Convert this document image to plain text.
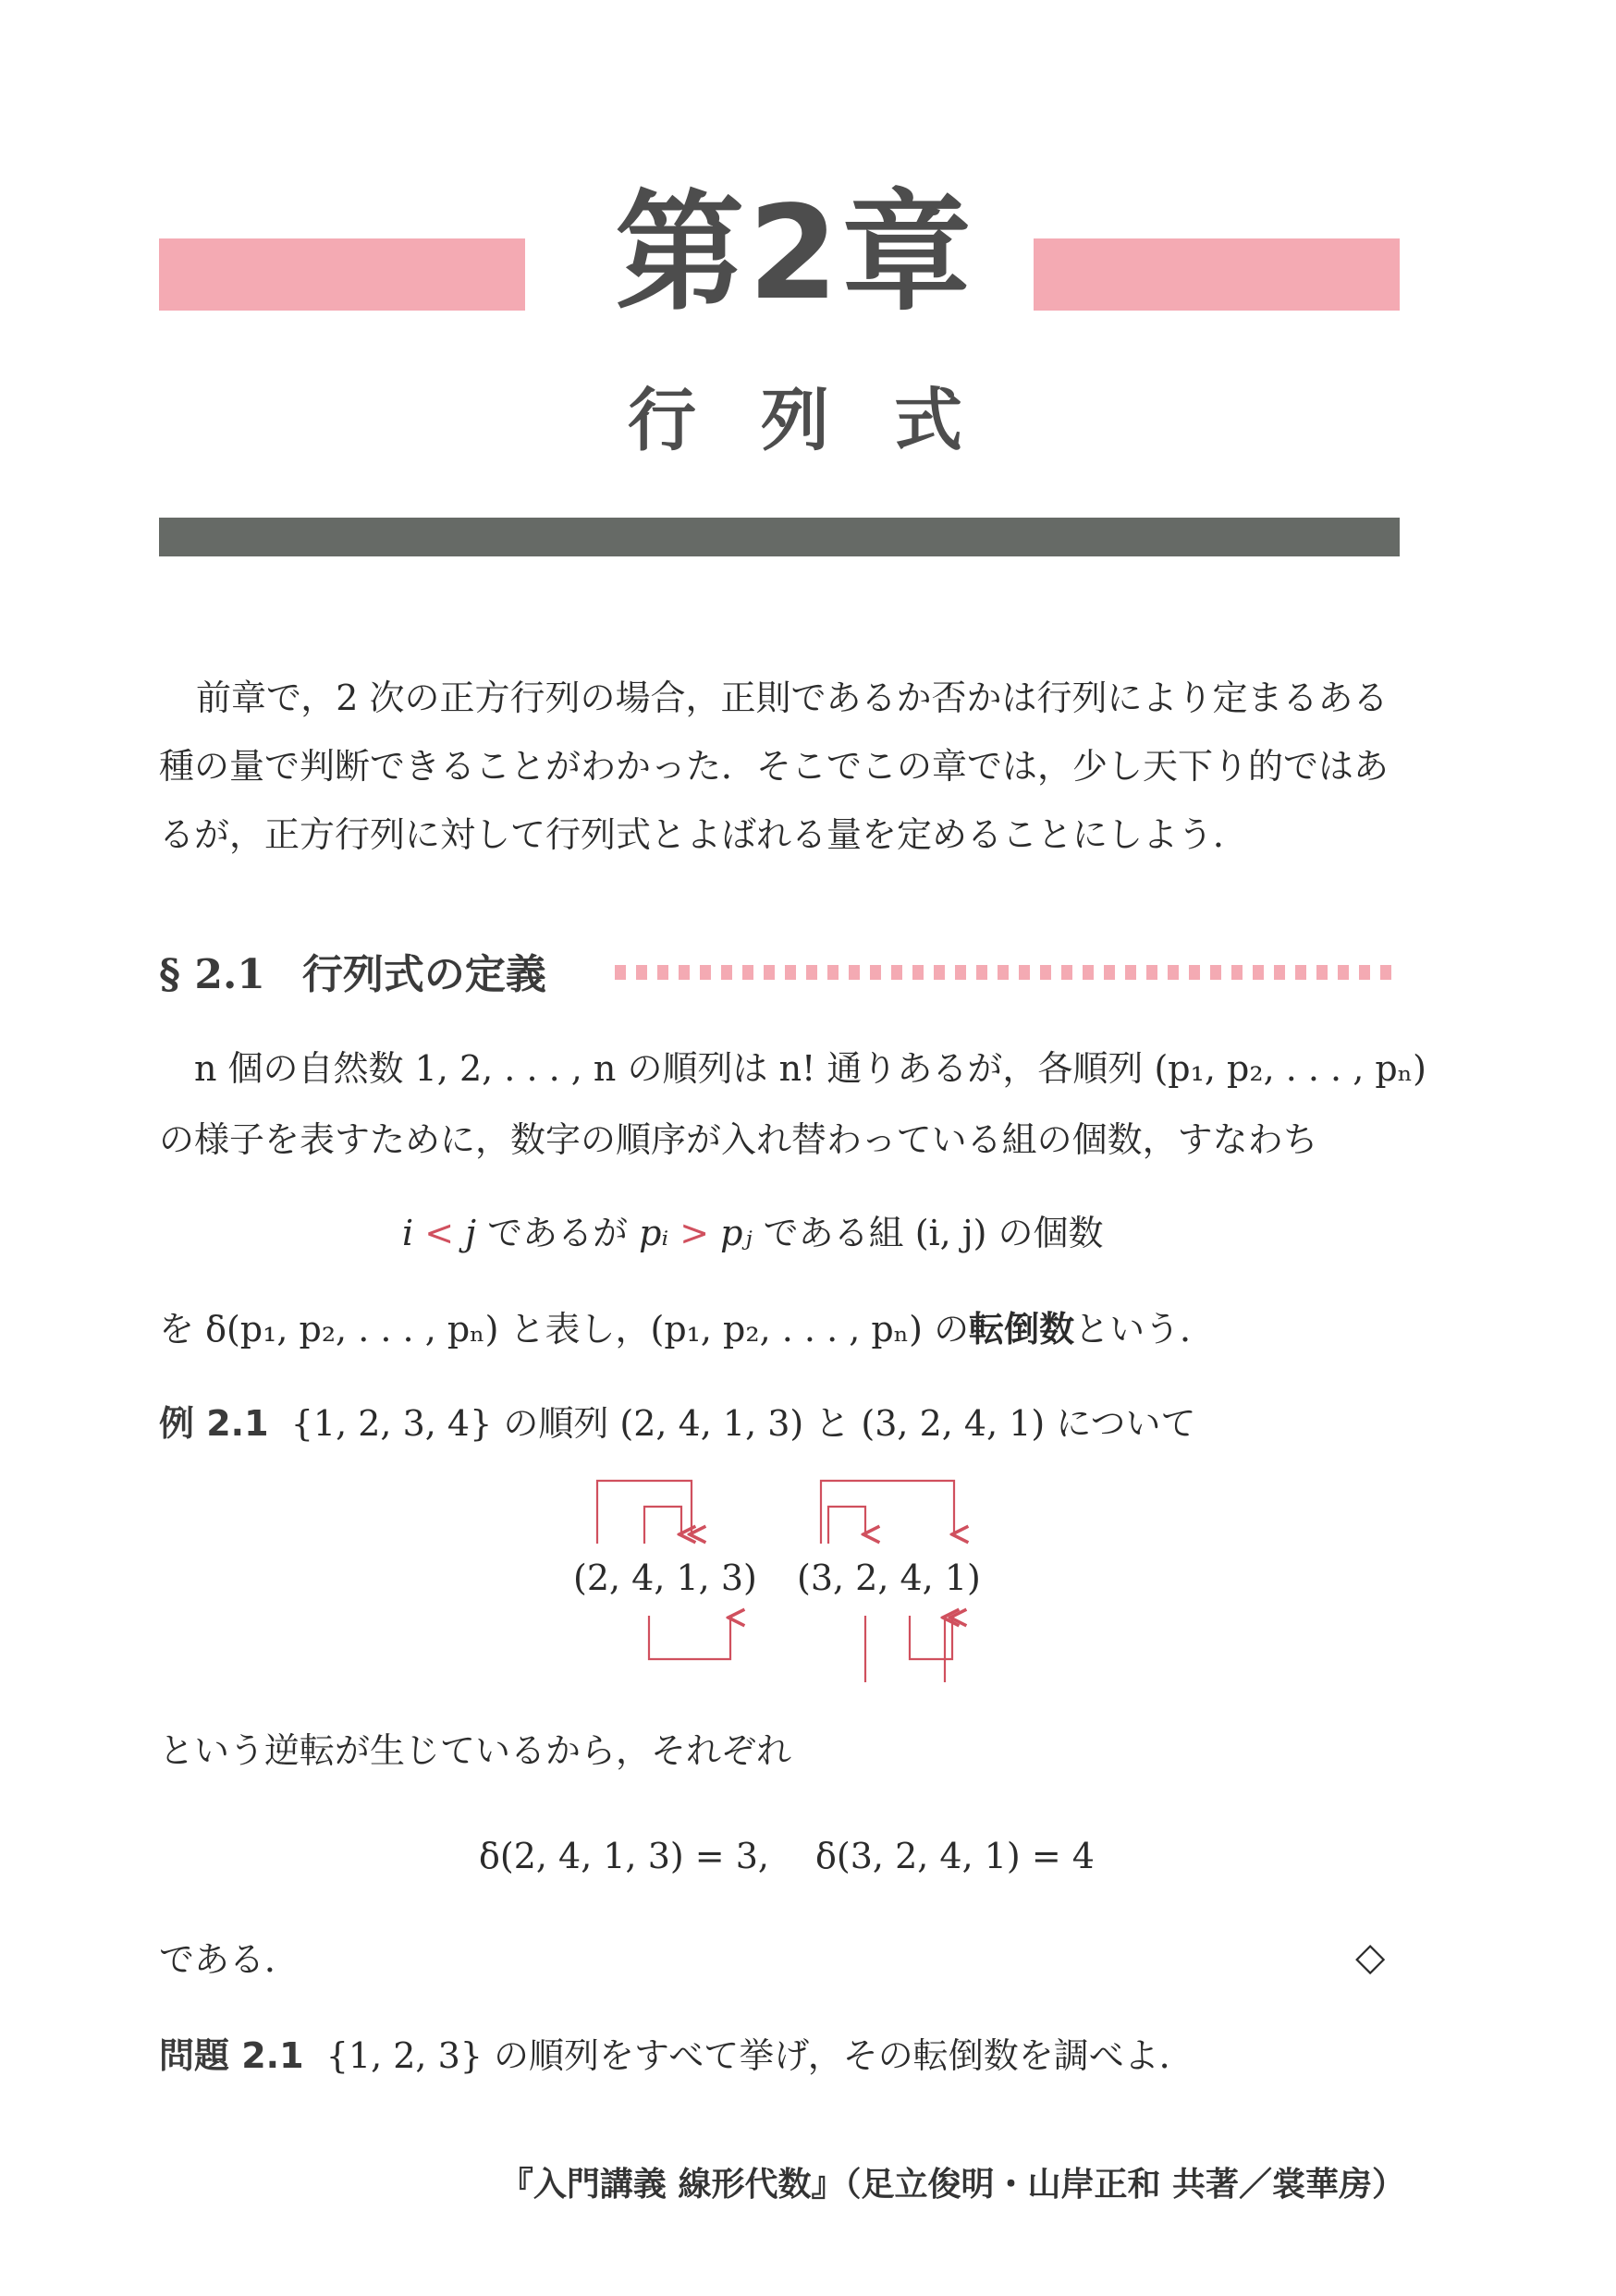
第2章
行列式
前章で，2 次の正方行列の場合，正則であるか否かは行列により定まるある種の量で判断できることがわかった．そこでこの章では，少し天下り的ではあるが，正方行列に対して行列式とよばれる量を定めることにしよう．
§ 2.1 行列式の定義
n 個の自然数 1, 2, . . . , n の順列は n! 通りあるが，各順列 (p₁, p₂, . . . , pₙ)
の様子を表すために，数字の順序が入れ替わっている組の個数，すなわち
i < j であるが pᵢ > pⱼ である組 (i, j) の個数
を δ(p₁, p₂, . . . , pₙ) と表し，(p₁, p₂, . . . , pₙ) の転倒数という．
例 2.1 {1, 2, 3, 4} の順列 (2, 4, 1, 3) と (3, 2, 4, 1) について
(2, 4, 1, 3) (3, 2, 4, 1)
という逆転が生じているから，それぞれ
δ(2, 4, 1, 3) = 3,　 δ(3, 2, 4, 1) = 4
である．	◇
問題 2.1 {1, 2, 3} の順列をすべて挙げ，その転倒数を調べよ．
『入門講義 線形代数』（足立俊明・山岸正和 共著／裳華房）
